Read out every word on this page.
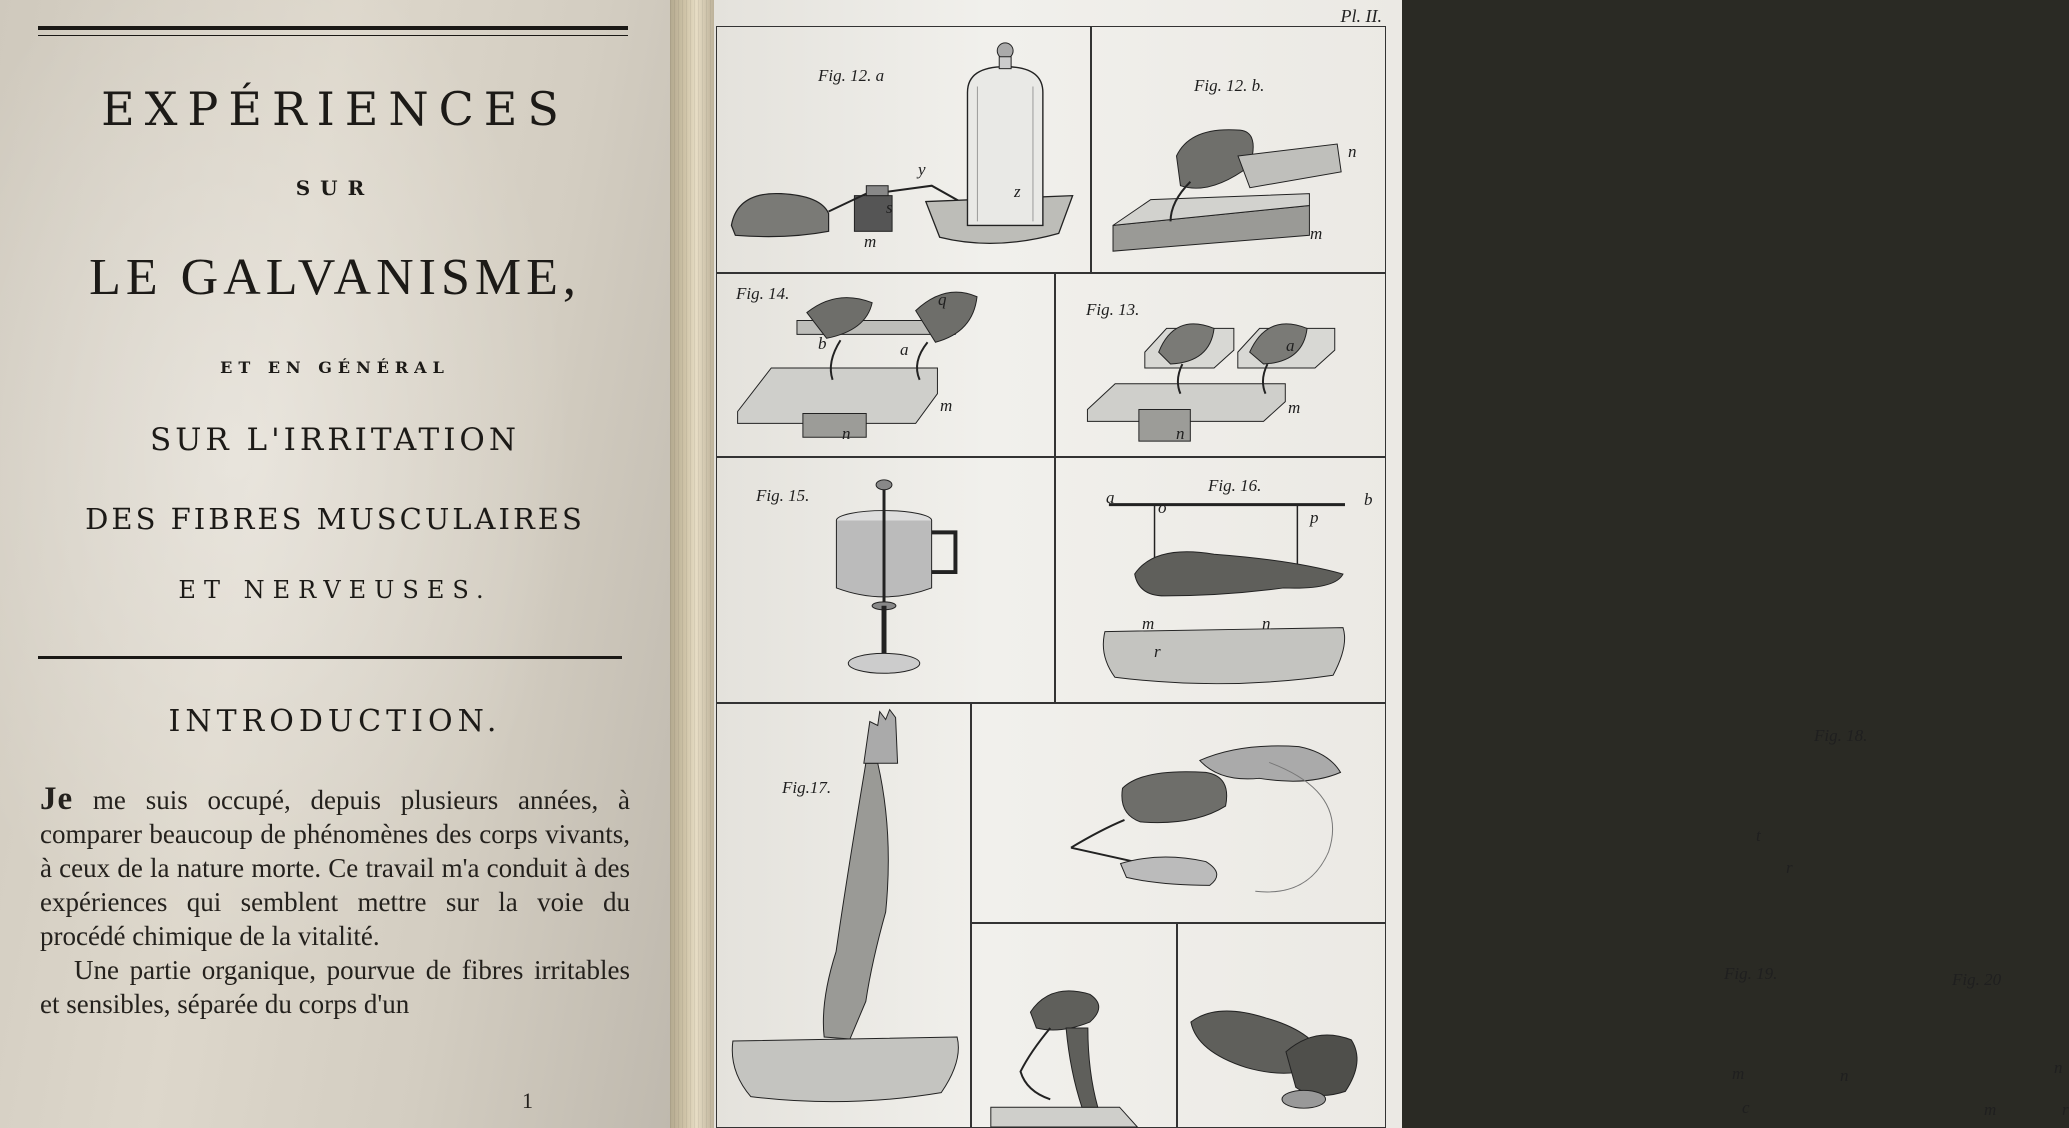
EXPÉRIENCES
SUR
LE GALVANISME,
ET EN GÉNÉRAL
SUR L'IRRITATION
DES FIBRES MUSCULAIRES
ET NERVEUSES.
INTRODUCTION.

Je me suis occupé, depuis plusieurs années, à comparer beaucoup de phénomènes des corps vivants, à ceux de la nature morte. Ce travail m'a conduit à des expériences qui semblent mettre sur la voie du procédé chimique de la vitalité.

Une partie organique, pourvue de fibres irritables et sensibles, séparée du corps d'un

1
Pl. II.
Fig. 12. a
s
y
m
z
Fig. 12. b.
n
m
Fig. 14.	q
b	a
m
n
Fig. 13.
a
m
n
Fig. 15.
Fig. 16.
a
o
p
b
m	n
r
Fig.17.
Fig. 18.
t
r
Fig. 19.
m	n
c
Fig. 20
n
m	r
